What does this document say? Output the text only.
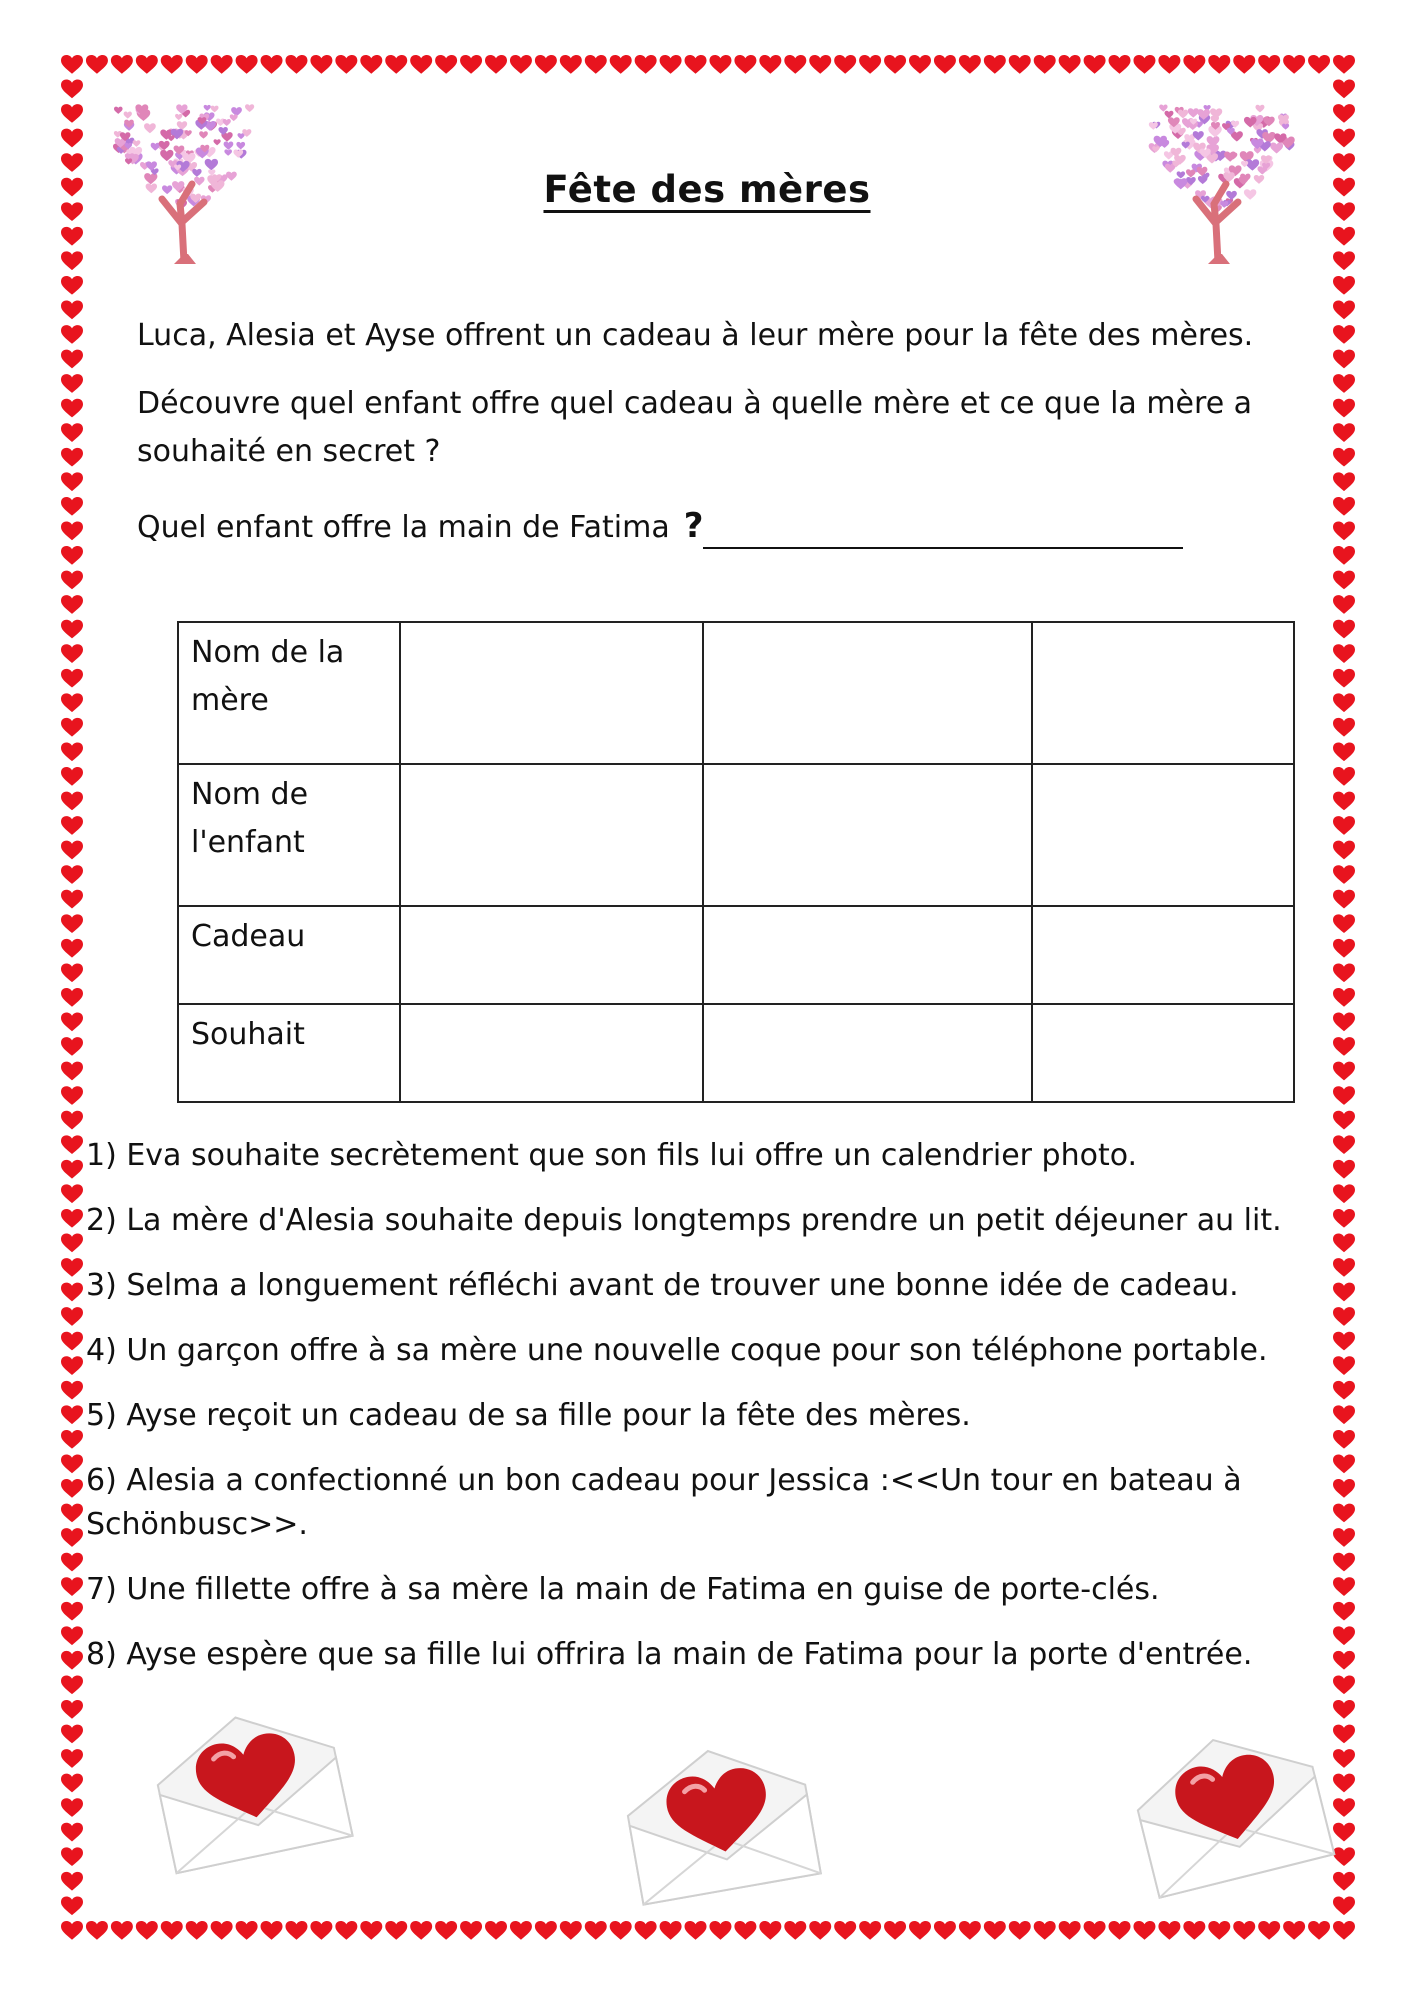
Fête des mères

Luca, Alesia et Ayse offrent un cadeau à leur mère pour la fête des mères.

Découvre quel enfant offre quel cadeau à quelle mère et ce que la mère a souhaité en secret ?

Quel enfant offre la main de Fatima ?
Nom de la mère			
Nom de l'enfant			
Cadeau			
Souhait			

1) Eva souhaite secrètement que son fils lui offre un calendrier photo.

2) La mère d'Alesia souhaite depuis longtemps prendre un petit déjeuner au lit.

3) Selma a longuement réfléchi avant de trouver une bonne idée de cadeau.

4) Un garçon offre à sa mère une nouvelle coque pour son téléphone portable.

5) Ayse reçoit un cadeau de sa fille pour la fête des mères.

6) Alesia a confectionné un bon cadeau pour Jessica :<<Un tour en bateau à Schönbusc>>.

7) Une fillette offre à sa mère la main de Fatima en guise de porte-clés.

8) Ayse espère que sa fille lui offrira la main de Fatima pour la porte d'entrée.
